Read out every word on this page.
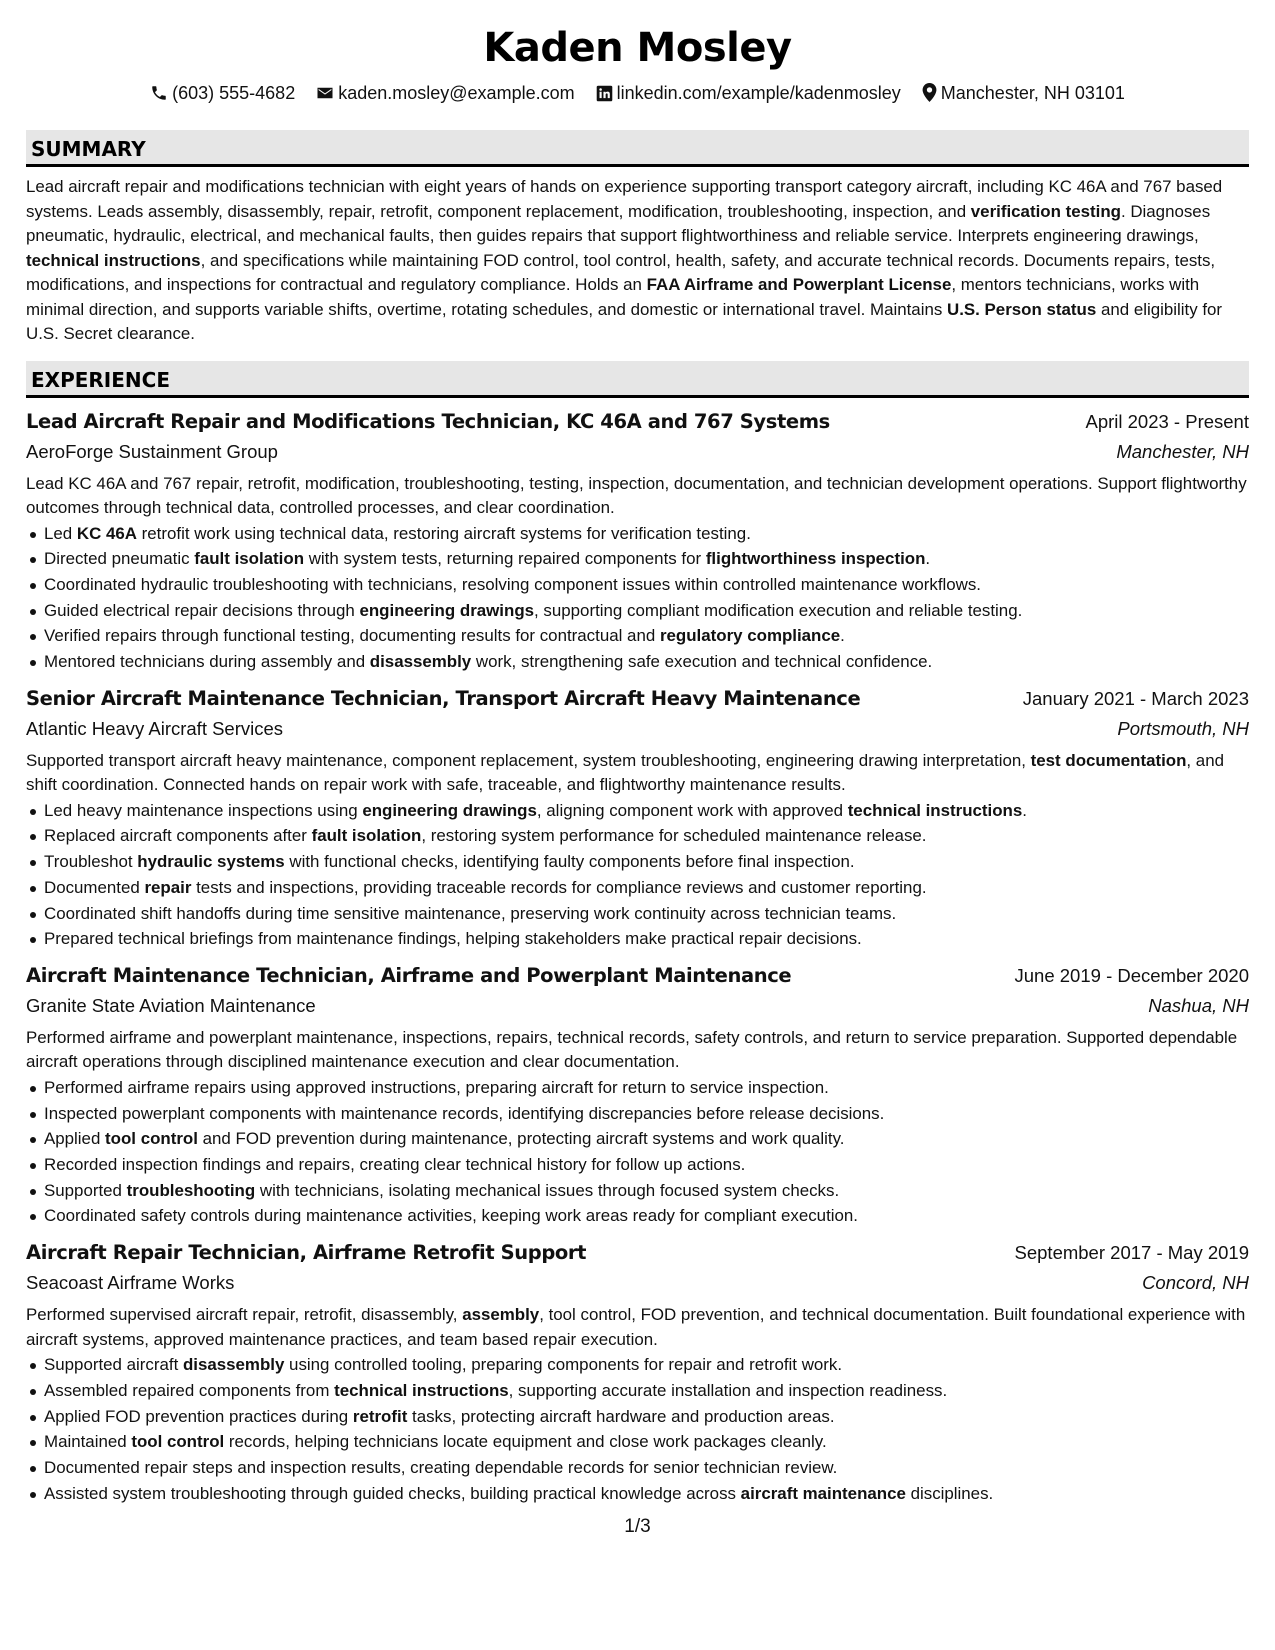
Kaden Mosley
(603) 555-4682 kaden.mosley@example.com linkedin.com/example/kadenmosley Manchester, NH 03101
SUMMARY

Lead aircraft repair and modifications technician with eight years of hands on experience supporting transport category aircraft, including KC 46A and 767 based systems. Leads assembly, disassembly, repair, retrofit, component replacement, modification, troubleshooting, inspection, and verification testing. Diagnoses pneumatic, hydraulic, electrical, and mechanical faults, then guides repairs that support flightworthiness and reliable service. Interprets engineering drawings, technical instructions, and specifications while maintaining FOD control, tool control, health, safety, and accurate technical records. Documents repairs, tests, modifications, and inspections for contractual and regulatory compliance. Holds an FAA Airframe and Powerplant License, mentors technicians, works with minimal direction, and supports variable shifts, overtime, rotating schedules, and domestic or international travel. Maintains U.S. Person status and eligibility for U.S. Secret clearance.

EXPERIENCE
Lead Aircraft Repair and Modifications Technician, KC 46A and 767 Systems	April 2023 - Present
AeroForge Sustainment Group	Manchester, NH

Lead KC 46A and 767 repair, retrofit, modification, troubleshooting, testing, inspection, documentation, and technician development operations. Support flightworthy outcomes through technical data, controlled processes, and clear coordination.

Led KC 46A retrofit work using technical data, restoring aircraft systems for verification testing.
Directed pneumatic fault isolation with system tests, returning repaired components for flightworthiness inspection.
Coordinated hydraulic troubleshooting with technicians, resolving component issues within controlled maintenance workflows.
Guided electrical repair decisions through engineering drawings, supporting compliant modification execution and reliable testing.
Verified repairs through functional testing, documenting results for contractual and regulatory compliance.
Mentored technicians during assembly and disassembly work, strengthening safe execution and technical confidence.
Senior Aircraft Maintenance Technician, Transport Aircraft Heavy Maintenance	January 2021 - March 2023
Atlantic Heavy Aircraft Services	Portsmouth, NH

Supported transport aircraft heavy maintenance, component replacement, system troubleshooting, engineering drawing interpretation, test documentation, and shift coordination. Connected hands on repair work with safe, traceable, and flightworthy maintenance results.

Led heavy maintenance inspections using engineering drawings, aligning component work with approved technical instructions.
Replaced aircraft components after fault isolation, restoring system performance for scheduled maintenance release.
Troubleshot hydraulic systems with functional checks, identifying faulty components before final inspection.
Documented repair tests and inspections, providing traceable records for compliance reviews and customer reporting.
Coordinated shift handoffs during time sensitive maintenance, preserving work continuity across technician teams.
Prepared technical briefings from maintenance findings, helping stakeholders make practical repair decisions.
Aircraft Maintenance Technician, Airframe and Powerplant Maintenance	June 2019 - December 2020
Granite State Aviation Maintenance	Nashua, NH

Performed airframe and powerplant maintenance, inspections, repairs, technical records, safety controls, and return to service preparation. Supported dependable aircraft operations through disciplined maintenance execution and clear documentation.

Performed airframe repairs using approved instructions, preparing aircraft for return to service inspection.
Inspected powerplant components with maintenance records, identifying discrepancies before release decisions.
Applied tool control and FOD prevention during maintenance, protecting aircraft systems and work quality.
Recorded inspection findings and repairs, creating clear technical history for follow up actions.
Supported troubleshooting with technicians, isolating mechanical issues through focused system checks.
Coordinated safety controls during maintenance activities, keeping work areas ready for compliant execution.
Aircraft Repair Technician, Airframe Retrofit Support	September 2017 - May 2019
Seacoast Airframe Works	Concord, NH

Performed supervised aircraft repair, retrofit, disassembly, assembly, tool control, FOD prevention, and technical documentation. Built foundational experience with aircraft systems, approved maintenance practices, and team based repair execution.

Supported aircraft disassembly using controlled tooling, preparing components for repair and retrofit work.
Assembled repaired components from technical instructions, supporting accurate installation and inspection readiness.
Applied FOD prevention practices during retrofit tasks, protecting aircraft hardware and production areas.
Maintained tool control records, helping technicians locate equipment and close work packages cleanly.
Documented repair steps and inspection results, creating dependable records for senior technician review.
Assisted system troubleshooting through guided checks, building practical knowledge across aircraft maintenance disciplines.
1/3
